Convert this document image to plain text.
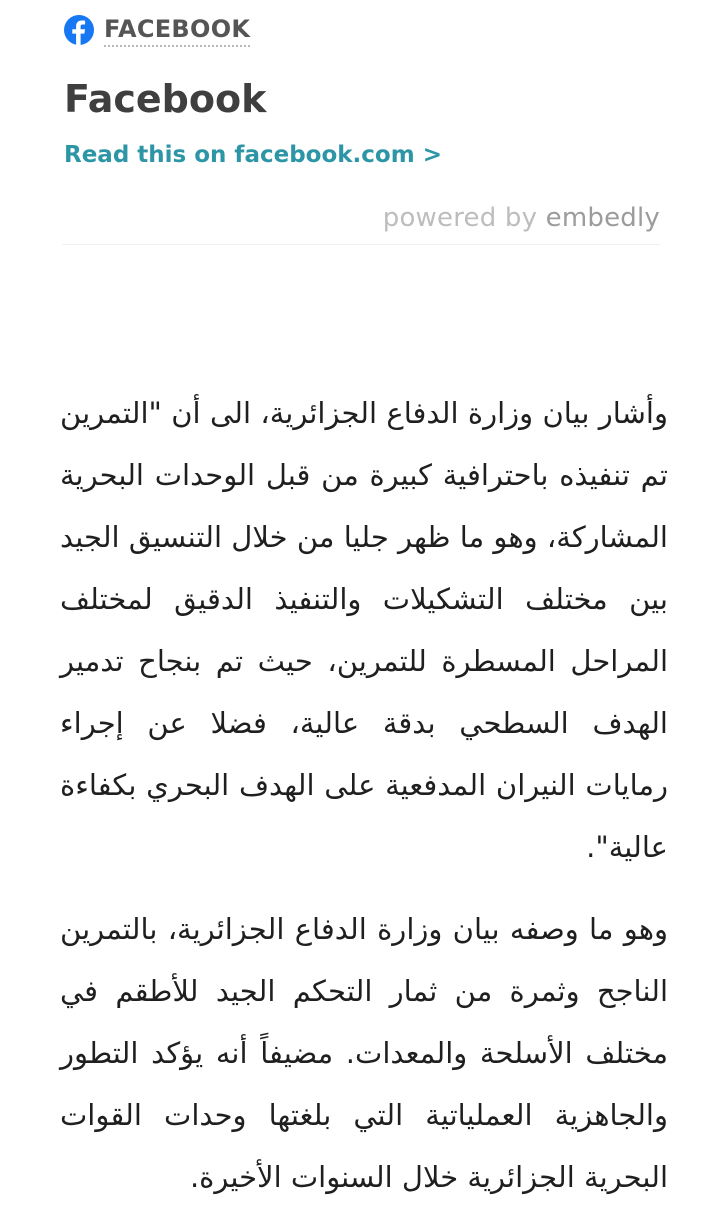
FACEBOOK
Facebook
Read this on facebook.com >
powered by embedly

وأشار بيان وزارة الدفاع الجزائرية، الى أن "التمرين تم تنفيذه باحترافية كبيرة من قبل الوحدات البحرية المشاركة، وهو ما ظهر جليا من خلال التنسيق الجيد بين مختلف التشكيلات والتنفيذ الدقيق لمختلف المراحل المسطرة للتمرين، حيث تم بنجاح تدمير الهدف السطحي بدقة عالية، فضلا عن إجراء رمايات النيران المدفعية على الهدف البحري بكفاءة عالية".

وهو ما وصفه بيان وزارة الدفاع الجزائرية، بالتمرين الناجح وثمرة من ثمار التحكم الجيد للأطقم في مختلف الأسلحة والمعدات. مضيفاً أنه يؤكد التطور والجاهزية العملياتية التي بلغتها وحدات القوات البحرية الجزائرية خلال السنوات الأخيرة.
